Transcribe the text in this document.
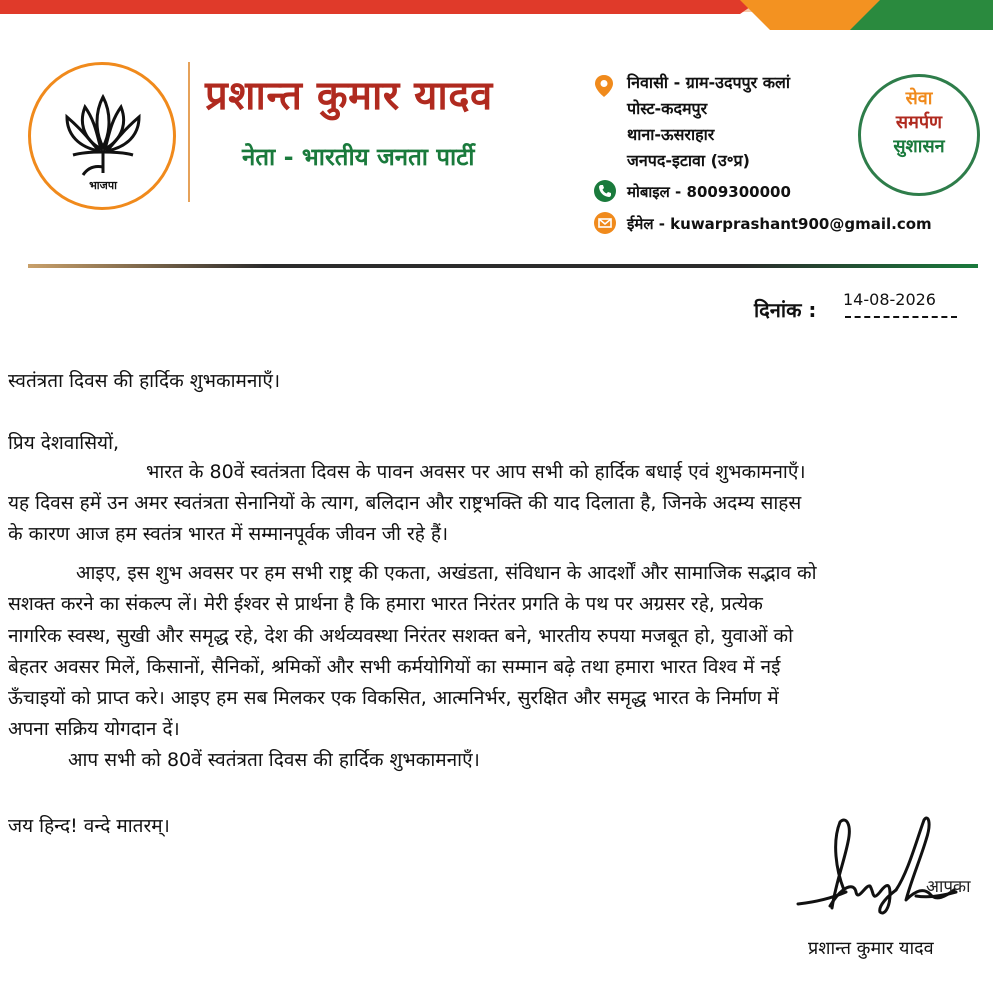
भाजपा
प्रशान्त कुमार यादव
नेता - भारतीय जनता पार्टी
निवासी - ग्राम-उदपपुर कलां
पोस्ट-कदमपुर
थाना-ऊसराहार
जनपद-इटावा (उ॰प्र)
मोबाइल - 8009300000
ईमेल - kuwarprashant900@gmail.com
सेवा
समर्पण
सुशासन
दिनांक : 14-08-2026
स्वतंत्रता दिवस की हार्दिक शुभकामनाएँ।
प्रिय देशवासियों,
भारत के 80वें स्वतंत्रता दिवस के पावन अवसर पर आप सभी को हार्दिक बधाई एवं शुभकामनाएँ।
यह दिवस हमें उन अमर स्वतंत्रता सेनानियों के त्याग, बलिदान और राष्ट्रभक्ति की याद दिलाता है, जिनके अदम्य साहस
के कारण आज हम स्वतंत्र भारत में सम्मानपूर्वक जीवन जी रहे हैं।
आइए, इस शुभ अवसर पर हम सभी राष्ट्र की एकता, अखंडता, संविधान के आदर्शों और सामाजिक सद्भाव को
सशक्त करने का संकल्प लें। मेरी ईश्वर से प्रार्थना है कि हमारा भारत निरंतर प्रगति के पथ पर अग्रसर रहे, प्रत्येक
नागरिक स्वस्थ, सुखी और समृद्ध रहे, देश की अर्थव्यवस्था निरंतर सशक्त बने, भारतीय रुपया मजबूत हो, युवाओं को
बेहतर अवसर मिलें, किसानों, सैनिकों, श्रमिकों और सभी कर्मयोगियों का सम्मान बढ़े तथा हमारा भारत विश्व में नई
ऊँचाइयों को प्राप्त करे। आइए हम सब मिलकर एक विकसित, आत्मनिर्भर, सुरक्षित और समृद्ध भारत के निर्माण में
अपना सक्रिय योगदान दें।
आप सभी को 80वें स्वतंत्रता दिवस की हार्दिक शुभकामनाएँ।
जय हिन्द! वन्दे मातरम्।
आपका
प्रशान्त कुमार यादव
